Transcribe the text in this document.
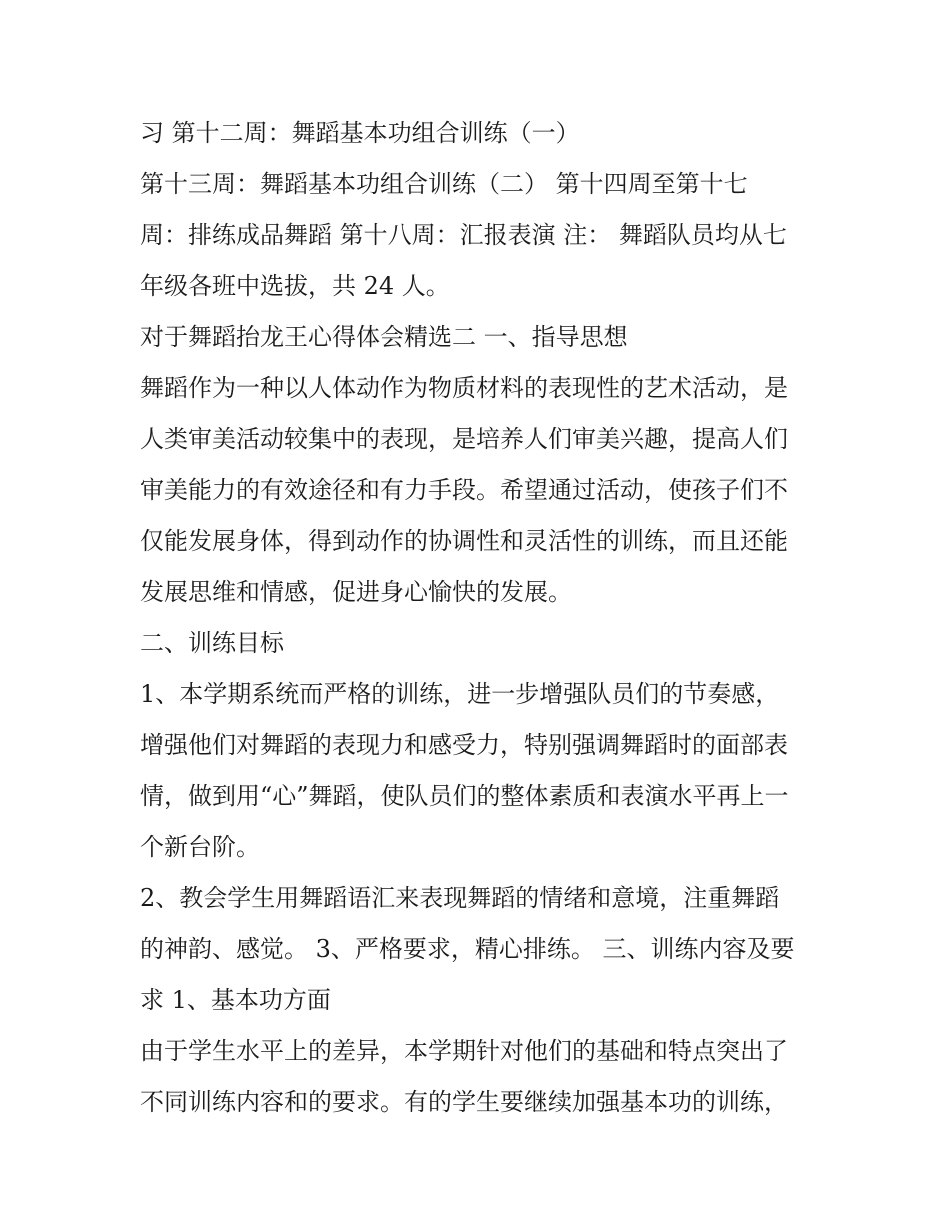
习 第十二周：舞蹈基本功组合训练（一）
第十三周：舞蹈基本功组合训练（二） 第十四周至第十七
周：排练成品舞蹈 第十八周：汇报表演 注： 舞蹈队员均从七
年级各班中选拔，共 24 人。
对于舞蹈抬龙王心得体会精选二 一、指导思想
舞蹈作为一种以人体动作为物质材料的表现性的艺术活动，是
人类审美活动较集中的表现，是培养人们审美兴趣，提高人们
审美能力的有效途径和有力手段。希望通过活动，使孩子们不
仅能发展身体，得到动作的协调性和灵活性的训练，而且还能
发展思维和情感，促进身心愉快的发展。
二、训练目标
1、本学期系统而严格的训练，进一步增强队员们的节奏感，
增强他们对舞蹈的表现力和感受力，特别强调舞蹈时的面部表
情，做到用“心”舞蹈，使队员们的整体素质和表演水平再上一
个新台阶。
2、教会学生用舞蹈语汇来表现舞蹈的情绪和意境，注重舞蹈
的神韵、感觉。 3、严格要求，精心排练。 三、训练内容及要
求 1、基本功方面
由于学生水平上的差异，本学期针对他们的基础和特点突出了
不同训练内容和的要求。有的学生要继续加强基本功的训练，
